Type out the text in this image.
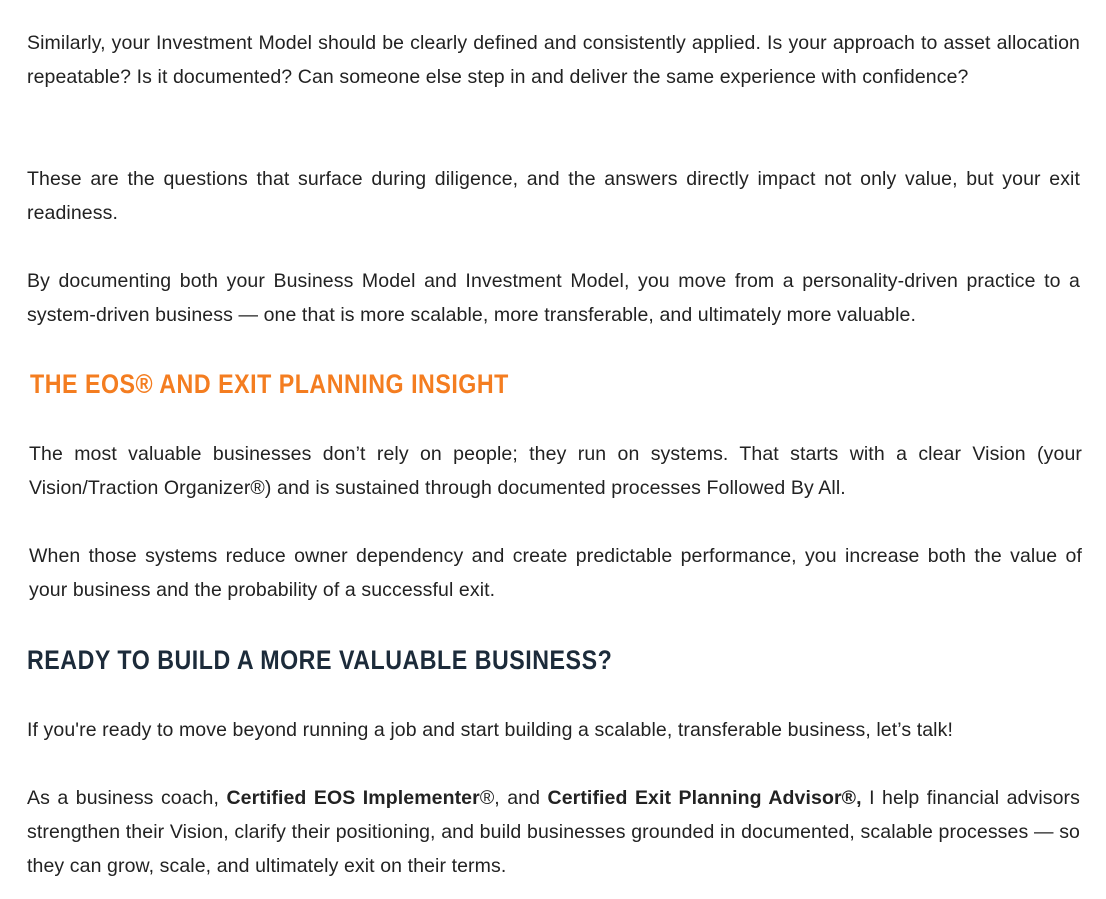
Similarly, your Investment Model should be clearly defined and consistently applied. Is your approach to asset allocation repeatable? Is it documented? Can someone else step in and deliver the same experience with confidence?

These are the questions that surface during diligence, and the answers directly impact not only value, but your exit readiness.

By documenting both your Business Model and Investment Model, you move from a personality-driven practice to a system-driven business — one that is more scalable, more transferable, and ultimately more valuable.

THE EOS® AND EXIT PLANNING INSIGHT

The most valuable businesses don’t rely on people; they run on systems. That starts with a clear Vision (your Vision/Traction Organizer®) and is sustained through documented processes Followed By All.

When those systems reduce owner dependency and create predictable performance, you increase both the value of your business and the probability of a successful exit.

READY TO BUILD A MORE VALUABLE BUSINESS?

If you're ready to move beyond running a job and start building a scalable, transferable business, let’s talk!

As a business coach, Certified EOS Implementer®, and Certified Exit Planning Advisor®, I help financial advisors strengthen their Vision, clarify their positioning, and build businesses grounded in documented, scalable processes — so they can grow, scale, and ultimately exit on their terms.
